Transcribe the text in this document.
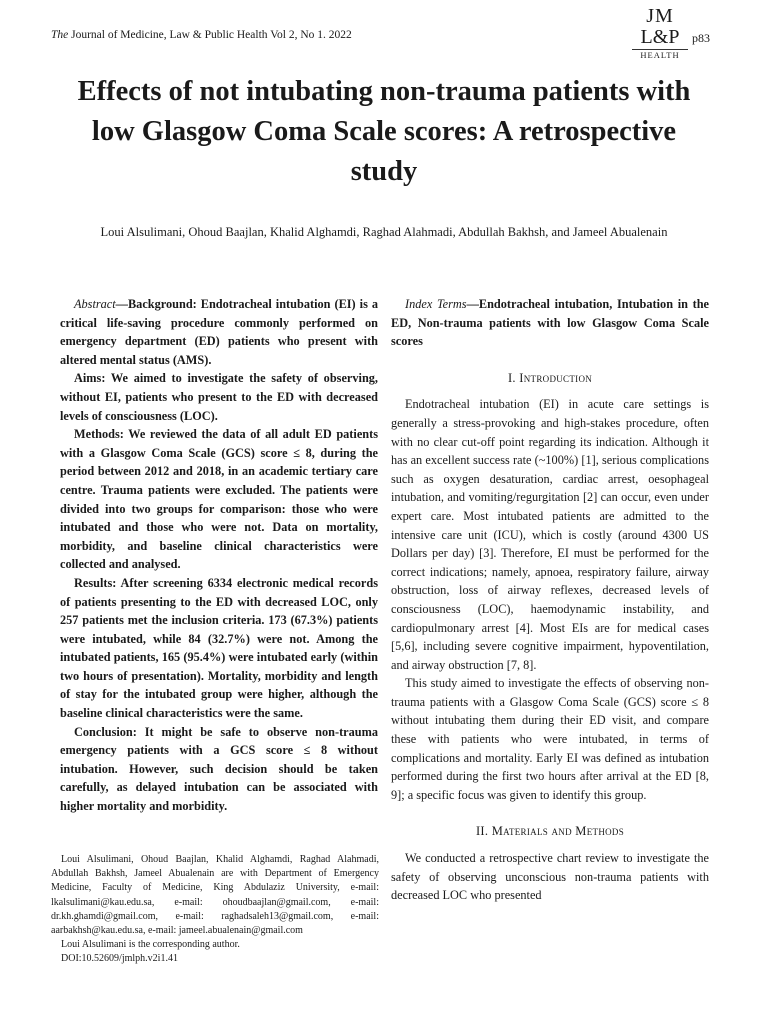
The Journal of Medicine, Law & Public Health Vol 2, No 1. 2022
JM
L&P
HEALTH
p83
Effects of not intubating non-trauma patients with low Glasgow Coma Scale scores: A retrospective study
Loui Alsulimani, Ohoud Baajlan, Khalid Alghamdi, Raghad Alahmadi, Abdullah Bakhsh, and Jameel Abualenain

Abstract—Background: Endotracheal intubation (EI) is a critical life-saving procedure commonly performed on emergency department (ED) patients who present with altered mental status (AMS).

Aims: We aimed to investigate the safety of observing, without EI, patients who present to the ED with decreased levels of consciousness (LOC).

Methods: We reviewed the data of all adult ED patients with a Glasgow Coma Scale (GCS) score ≤ 8, during the period between 2012 and 2018, in an academic tertiary care centre. Trauma patients were excluded. The patients were divided into two groups for comparison: those who were intubated and those who were not. Data on mortality, morbidity, and baseline clinical characteristics were collected and analysed.

Results: After screening 6334 electronic medical records of patients presenting to the ED with decreased LOC, only 257 patients met the inclusion criteria. 173 (67.3%) patients were intubated, while 84 (32.7%) were not. Among the intubated patients, 165 (95.4%) were intubated early (within two hours of presentation). Mortality, morbidity and length of stay for the intubated group were higher, although the baseline clinical characteristics were the same.

Conclusion: It might be safe to observe non-trauma emergency patients with a GCS score ≤ 8 without intubation. However, such decision should be taken carefully, as delayed intubation can be associated with higher mortality and morbidity.

Loui Alsulimani, Ohoud Baajlan, Khalid Alghamdi, Raghad Alahmadi, Abdullah Bakhsh, Jameel Abualenain are with Department of Emergency Medicine, Faculty of Medicine, King Abdulaziz University, e-mail: lkalsulimani@kau.edu.sa, e-mail: ohoudbaajlan@gmail.com, e-mail: dr.kh.ghamdi@gmail.com, e-mail: raghadsaleh13@gmail.com, e-mail: aarbakhsh@kau.edu.sa, e-mail: jameel.abualenain@gmail.com

Loui Alsulimani is the corresponding author.

DOI:10.52609/jmlph.v2i1.41

Index Terms—Endotracheal intubation, Intubation in the ED, Non-trauma patients with low Glasgow Coma Scale scores

I. Introduction

Endotracheal intubation (EI) in acute care settings is generally a stress-provoking and high-stakes procedure, often with no clear cut-off point regarding its indication. Although it has an excellent success rate (~100%) [1], serious complications such as oxygen desaturation, cardiac arrest, oesophageal intubation, and vomiting/regurgitation [2] can occur, even under expert care. Most intubated patients are admitted to the intensive care unit (ICU), which is costly (around 4300 US Dollars per day) [3]. Therefore, EI must be performed for the correct indications; namely, apnoea, respiratory failure, airway obstruction, loss of airway reflexes, decreased levels of consciousness (LOC), haemodynamic instability, and cardiopulmonary arrest [4]. Most EIs are for medical cases [5,6], including severe cognitive impairment, hypoventilation, and airway obstruction [7, 8].

This study aimed to investigate the effects of observing non-trauma patients with a Glasgow Coma Scale (GCS) score ≤ 8 without intubating them during their ED visit, and compare these with patients who were intubated, in terms of complications and mortality. Early EI was defined as intubation performed during the first two hours after arrival at the ED [8, 9]; a specific focus was given to identify this group.

II. Materials and Methods

We conducted a retrospective chart review to investigate the safety of observing unconscious non-trauma patients with decreased LOC who presented
